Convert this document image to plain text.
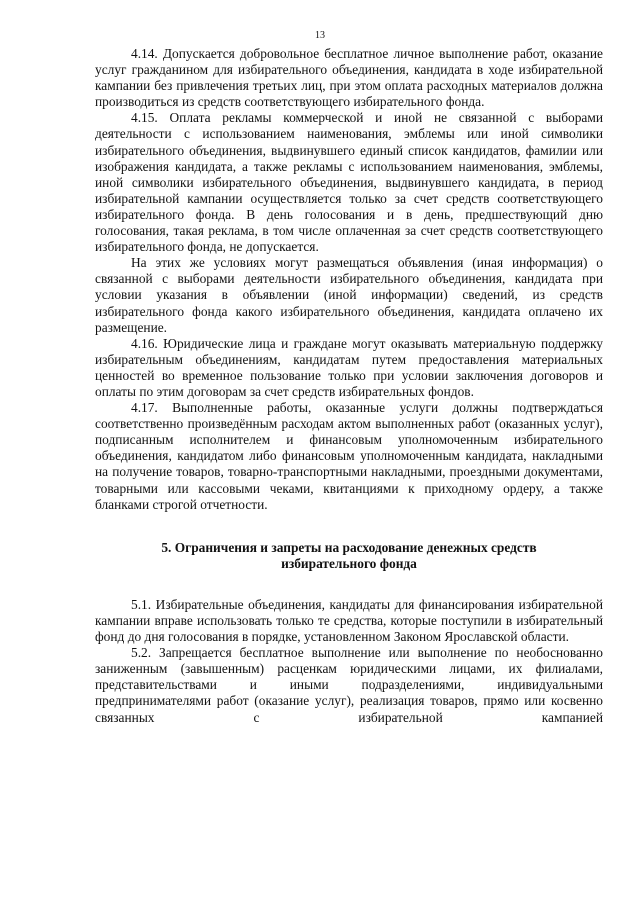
13

4.14. Допускается добровольное бесплатное личное выполнение работ, оказание услуг гражданином для избирательного объединения, кандидата в ходе избирательной кампании без привлечения третьих лиц, при этом оплата расходных материалов должна производиться из средств соответствующего избирательного фонда.

4.15. Оплата рекламы коммерческой и иной не связанной с выборами деятельности с использованием наименования, эмблемы или иной символики избирательного объединения, выдвинувшего единый список кандидатов, фамилии или изображения кандидата, а также рекламы с использованием наименования, эмблемы, иной символики избирательного объединения, выдвинувшего кандидата, в период избирательной кампании осуществляется только за счет средств соответствующего избирательного фонда. В день голосования и в день, предшествующий дню голосования, такая реклама, в том числе оплаченная за счет средств соответствующего избирательного фонда, не допускается.

На этих же условиях могут размещаться объявления (иная информация) о связанной с выборами деятельности избирательного объединения, кандидата при условии указания в объявлении (иной информации) сведений, из средств избирательного фонда какого избирательного объединения, кандидата оплачено их размещение.

4.16. Юридические лица и граждане могут оказывать материальную поддержку избирательным объединениям, кандидатам путем предоставления материальных ценностей во временное пользование только при условии заключения договоров и оплаты по этим договорам за счет средств избирательных фондов.

4.17. Выполненные работы, оказанные услуги должны подтверждаться соответственно произведённым расходам актом выполненных работ (оказанных услуг), подписанным исполнителем и финансовым уполномоченным избирательного объединения, кандидатом либо финансовым уполномоченным кандидата, накладными на получение товаров, товарно-транспортными накладными, проездными документами, товарными или кассовыми чеками, квитанциями к приходному ордеру, а также бланками строгой отчетности.

5. Ограничения и запреты на расходование денежных средств избирательного фонда

5.1. Избирательные объединения, кандидаты для финансирования избирательной кампании вправе использовать только те средства, которые поступили в избирательный фонд до дня голосования в порядке, установленном Законом Ярославской области.

5.2. Запрещается бесплатное выполнение или выполнение по необоснованно заниженным (завышенным) расценкам юридическими лицами, их филиалами, представительствами и иными подразделениями, индивидуальными предпринимателями работ (оказание услуг), реализация товаров, прямо или косвенно связанных с избирательной кампанией
